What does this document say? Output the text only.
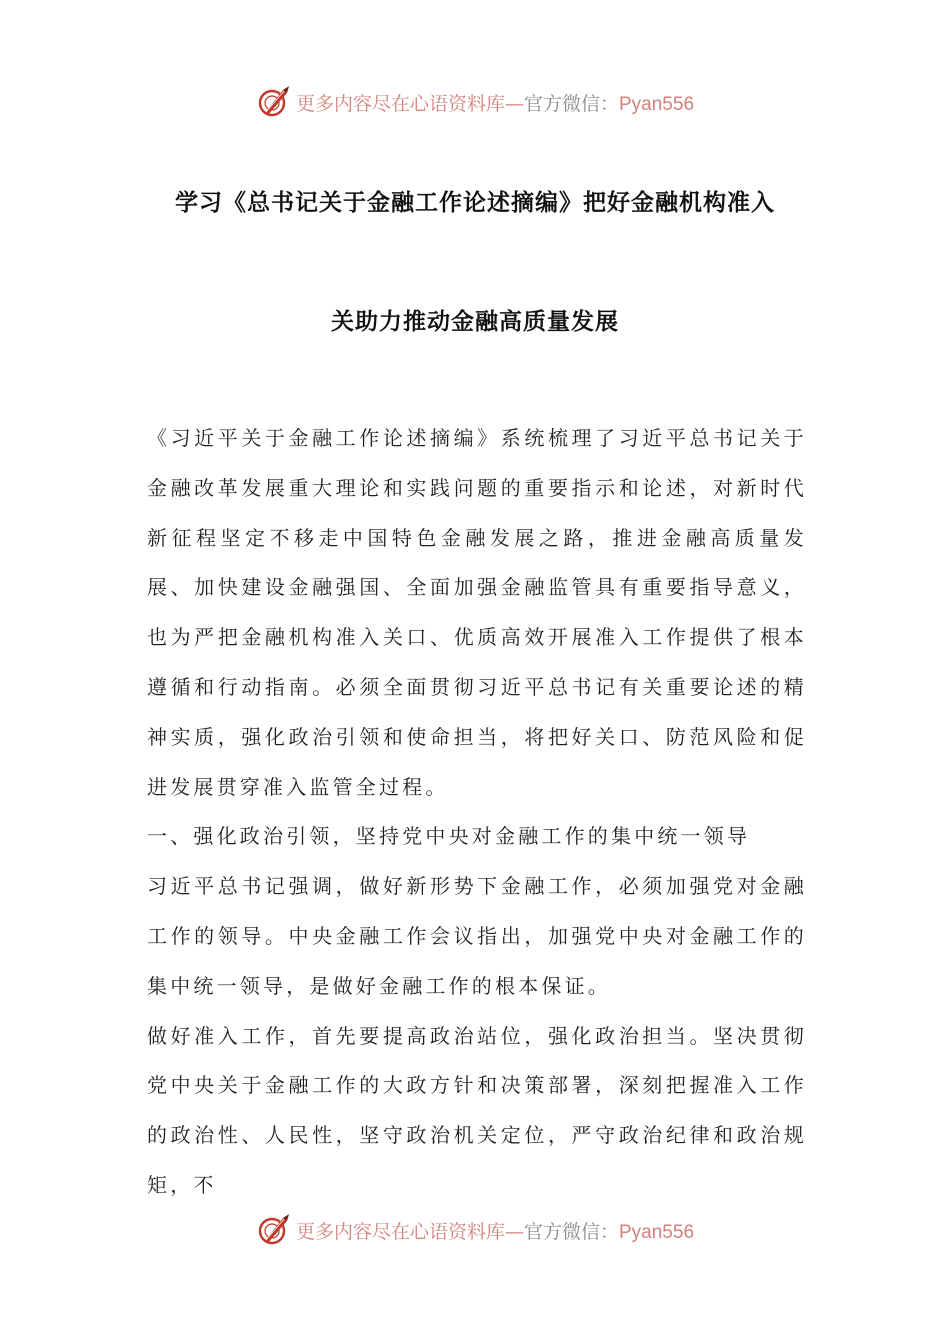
更多内容尽在心语资料库—官方微信：Pyan556
学习《总书记关于金融工作论述摘编》把好金融机构准入
关助力推动金融高质量发展

《习近平关于金融工作论述摘编》系统梳理了习近平总书记关于金融改革发展重大理论和实践问题的重要指示和论述，对新时代新征程坚定不移走中国特色金融发展之路，推进金融高质量发展、加快建设金融强国、全面加强金融监管具有重要指导意义，也为严把金融机构准入关口、优质高效开展准入工作提供了根本遵循和行动指南。必须全面贯彻习近平总书记有关重要论述的精神实质，强化政治引领和使命担当，将把好关口、防范风险和促进发展贯穿准入监管全过程。

一、强化政治引领，坚持党中央对金融工作的集中统一领导

习近平总书记强调，做好新形势下金融工作，必须加强党对金融工作的领导。中央金融工作会议指出，加强党中央对金融工作的集中统一领导，是做好金融工作的根本保证。

做好准入工作，首先要提高政治站位，强化政治担当。坚决贯彻党中央关于金融工作的大政方针和决策部署，深刻把握准入工作的政治性、人民性，坚守政治机关定位，严守政治纪律和政治规矩，不

更多内容尽在心语资料库—官方微信：Pyan556
